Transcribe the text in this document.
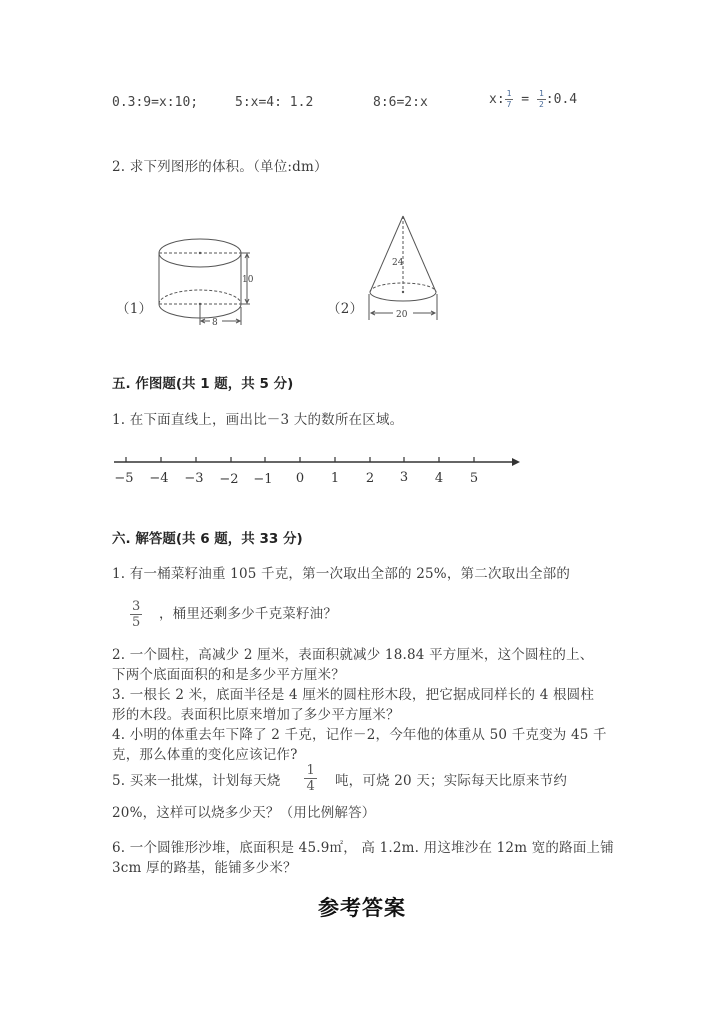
0.3:9=x:10;	5:x=4: 1.2	8:6=2:x	x: $\frac{1}{7} = \frac{1}{2}$ :0.4
2. 求下列图形的体积。（单位:dm）
（1）
10
8
（2）
24
20
五. 作图题(共 1 题，共 5 分)
1. 在下面直线上，画出比－3 大的数所在区域。
−5 −4 −3 −2 −1 0 1 2 3 4 5
六. 解答题(共 6 题，共 33 分)
1. 有一桶菜籽油重 105 千克，第一次取出全部的 25%，第二次取出全部的
$\frac{3}{5}$ ，桶里还剩多少千克菜籽油？
2. 一个圆柱，高减少 2 厘米，表面积就减少 18.84 平方厘米，这个圆柱的上、
下两个底面面积的和是多少平方厘米？
3. 一根长 2 米，底面半径是 4 厘米的圆柱形木段，把它据成同样长的 4 根圆柱
形的木段。表面积比原来增加了多少平方厘米？
4. 小明的体重去年下降了 2 千克，记作－2，今年他的体重从 50 千克变为 45 千
克，那么体重的变化应该记作?
5. 买来一批煤，计划每天烧 $\frac{1}{4}$ 吨，可烧 20 天；实际每天比原来节约
20%，这样可以烧多少天？（用比例解答）
6. 一个圆锥形沙堆，底面积是 45.9㎡， 高 1.2m. 用这堆沙在 12m 宽的路面上铺
3cm 厚的路基，能铺多少米？
参考答案
